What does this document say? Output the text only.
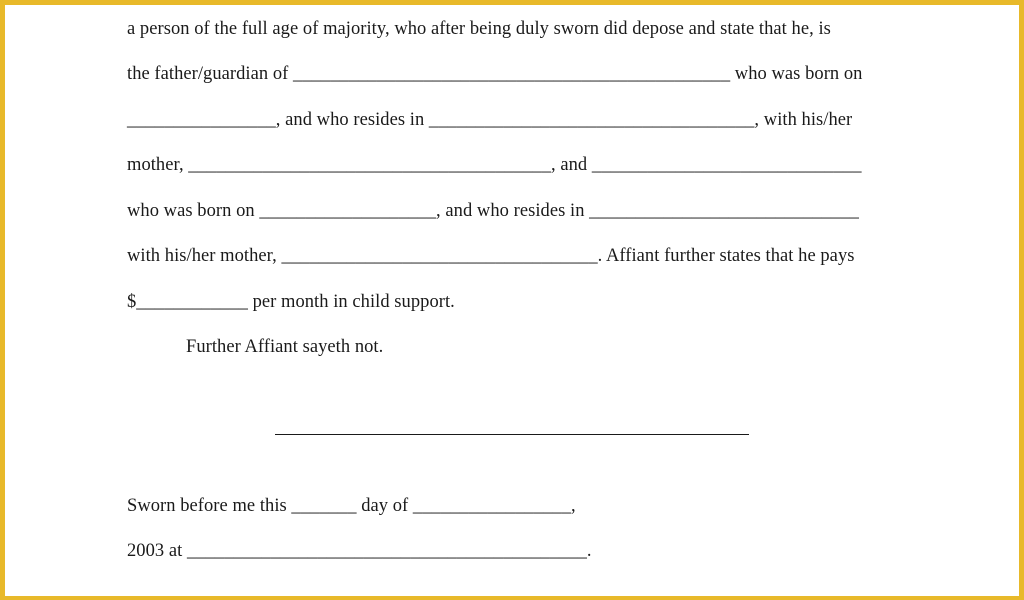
a person of the full age of majority, who after being duly sworn did depose and state that he, is
the father/guardian of _______________________________________________ who was born on
________________, and who resides in ___________________________________, with his/her
mother, _______________________________________, and _____________________________
who was born on ___________________, and who resides in _____________________________
with his/her mother, __________________________________. Affiant further states that he pays
$____________ per month in child support.
Further Affiant sayeth not.
Sworn before me this _______ day of _________________,
2003 at ___________________________________________.
